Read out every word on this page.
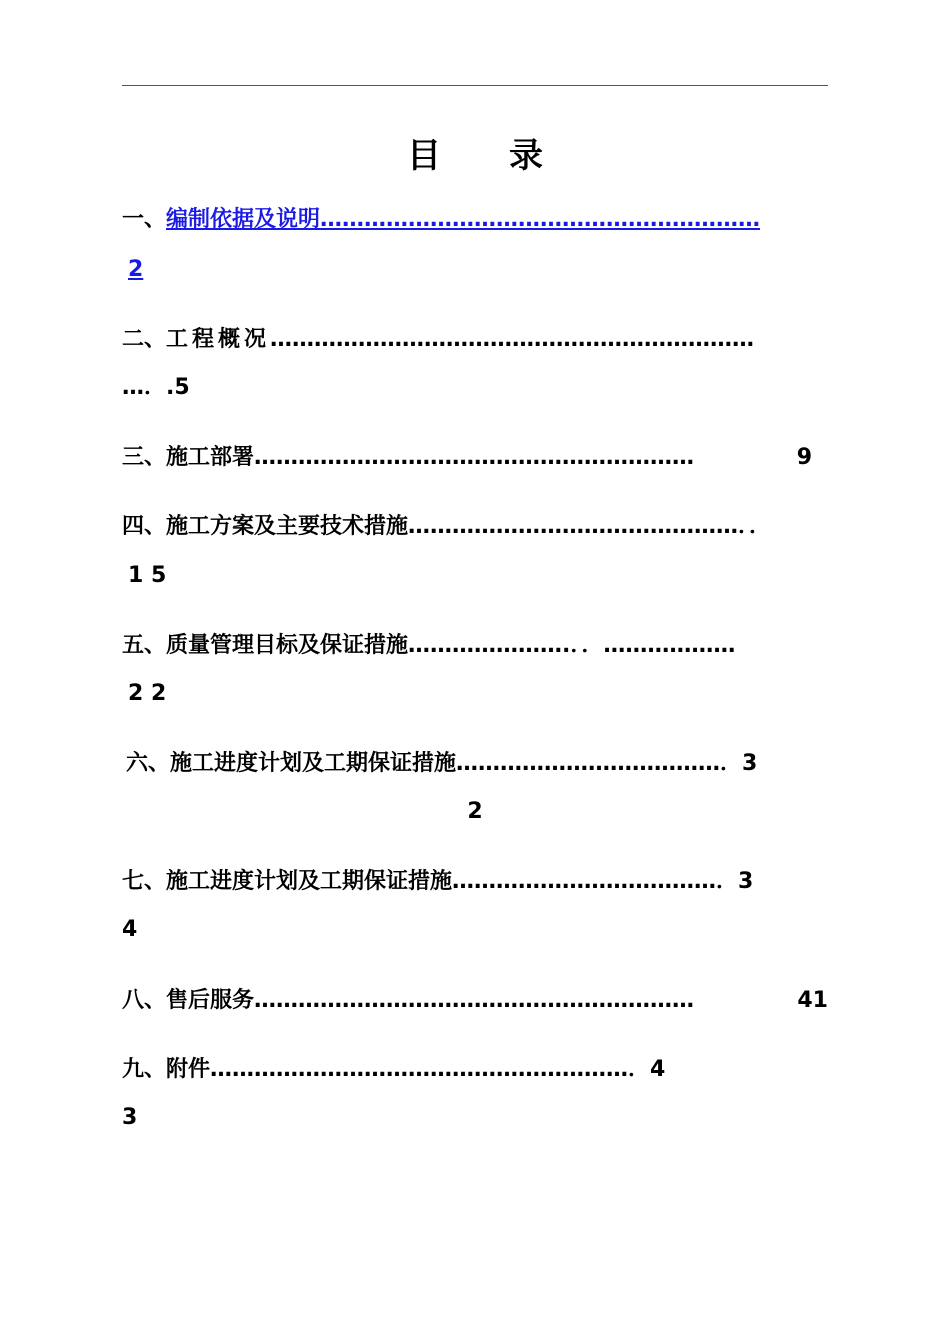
目 录
一、编制依据及说明……………………………………………………
2
二、工程概况…………………………………………………………
…．.5
三、施工部署……………………………………………………	9
四、施工方案及主要技术措施………………………………………．．
1 5
五、质量管理目标及保证措施………………….．．………………
2 2
六、施工进度计划及工期保证措施………………………………．3
2
七、施工进度计划及工期保证措施………………………………．3
4
八、售后服务……………………………………………………	41
九、附件…………………………………………………．4
3
